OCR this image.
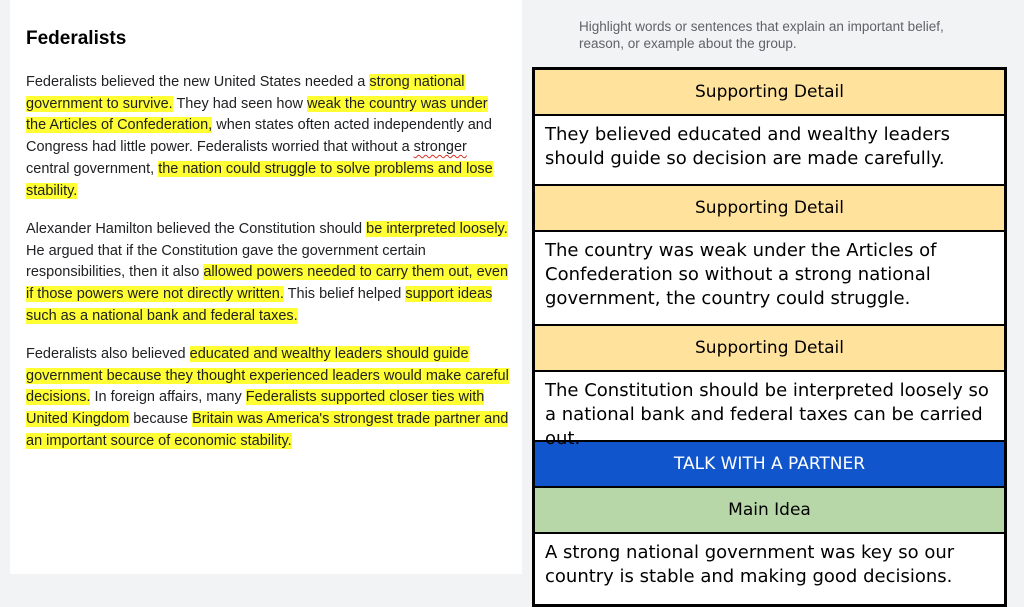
Federalists
Federalists believed the new United States needed a strong national government to survive. They had seen how weak the country was under the Articles of Confederation, when states often acted independently and Congress had little power. Federalists worried that without a stronger central government, the nation could struggle to solve problems and lose stability.
Alexander Hamilton believed the Constitution should be interpreted loosely. He argued that if the Constitution gave the government certain responsibilities, then it also allowed powers needed to carry them out, even if those powers were not directly written. This belief helped support ideas such as a national bank and federal taxes.
Federalists also believed educated and wealthy leaders should guide government because they thought experienced leaders would make careful decisions. In foreign affairs, many Federalists supported closer ties with United Kingdom because Britain was America's strongest trade partner and an important source of economic stability.
Highlight words or sentences that explain an important belief, reason, or example about the group.
Supporting Detail
They believed educated and wealthy leaders should guide so decision are made carefully.
Supporting Detail
The country was weak under the Articles of Confederation so without a strong national government, the country could struggle.
Supporting Detail
The Constitution should be interpreted loosely so a national bank and federal taxes can be carried out.
TALK WITH A PARTNER
Main Idea
A strong national government was key so our country is stable and making good decisions.
